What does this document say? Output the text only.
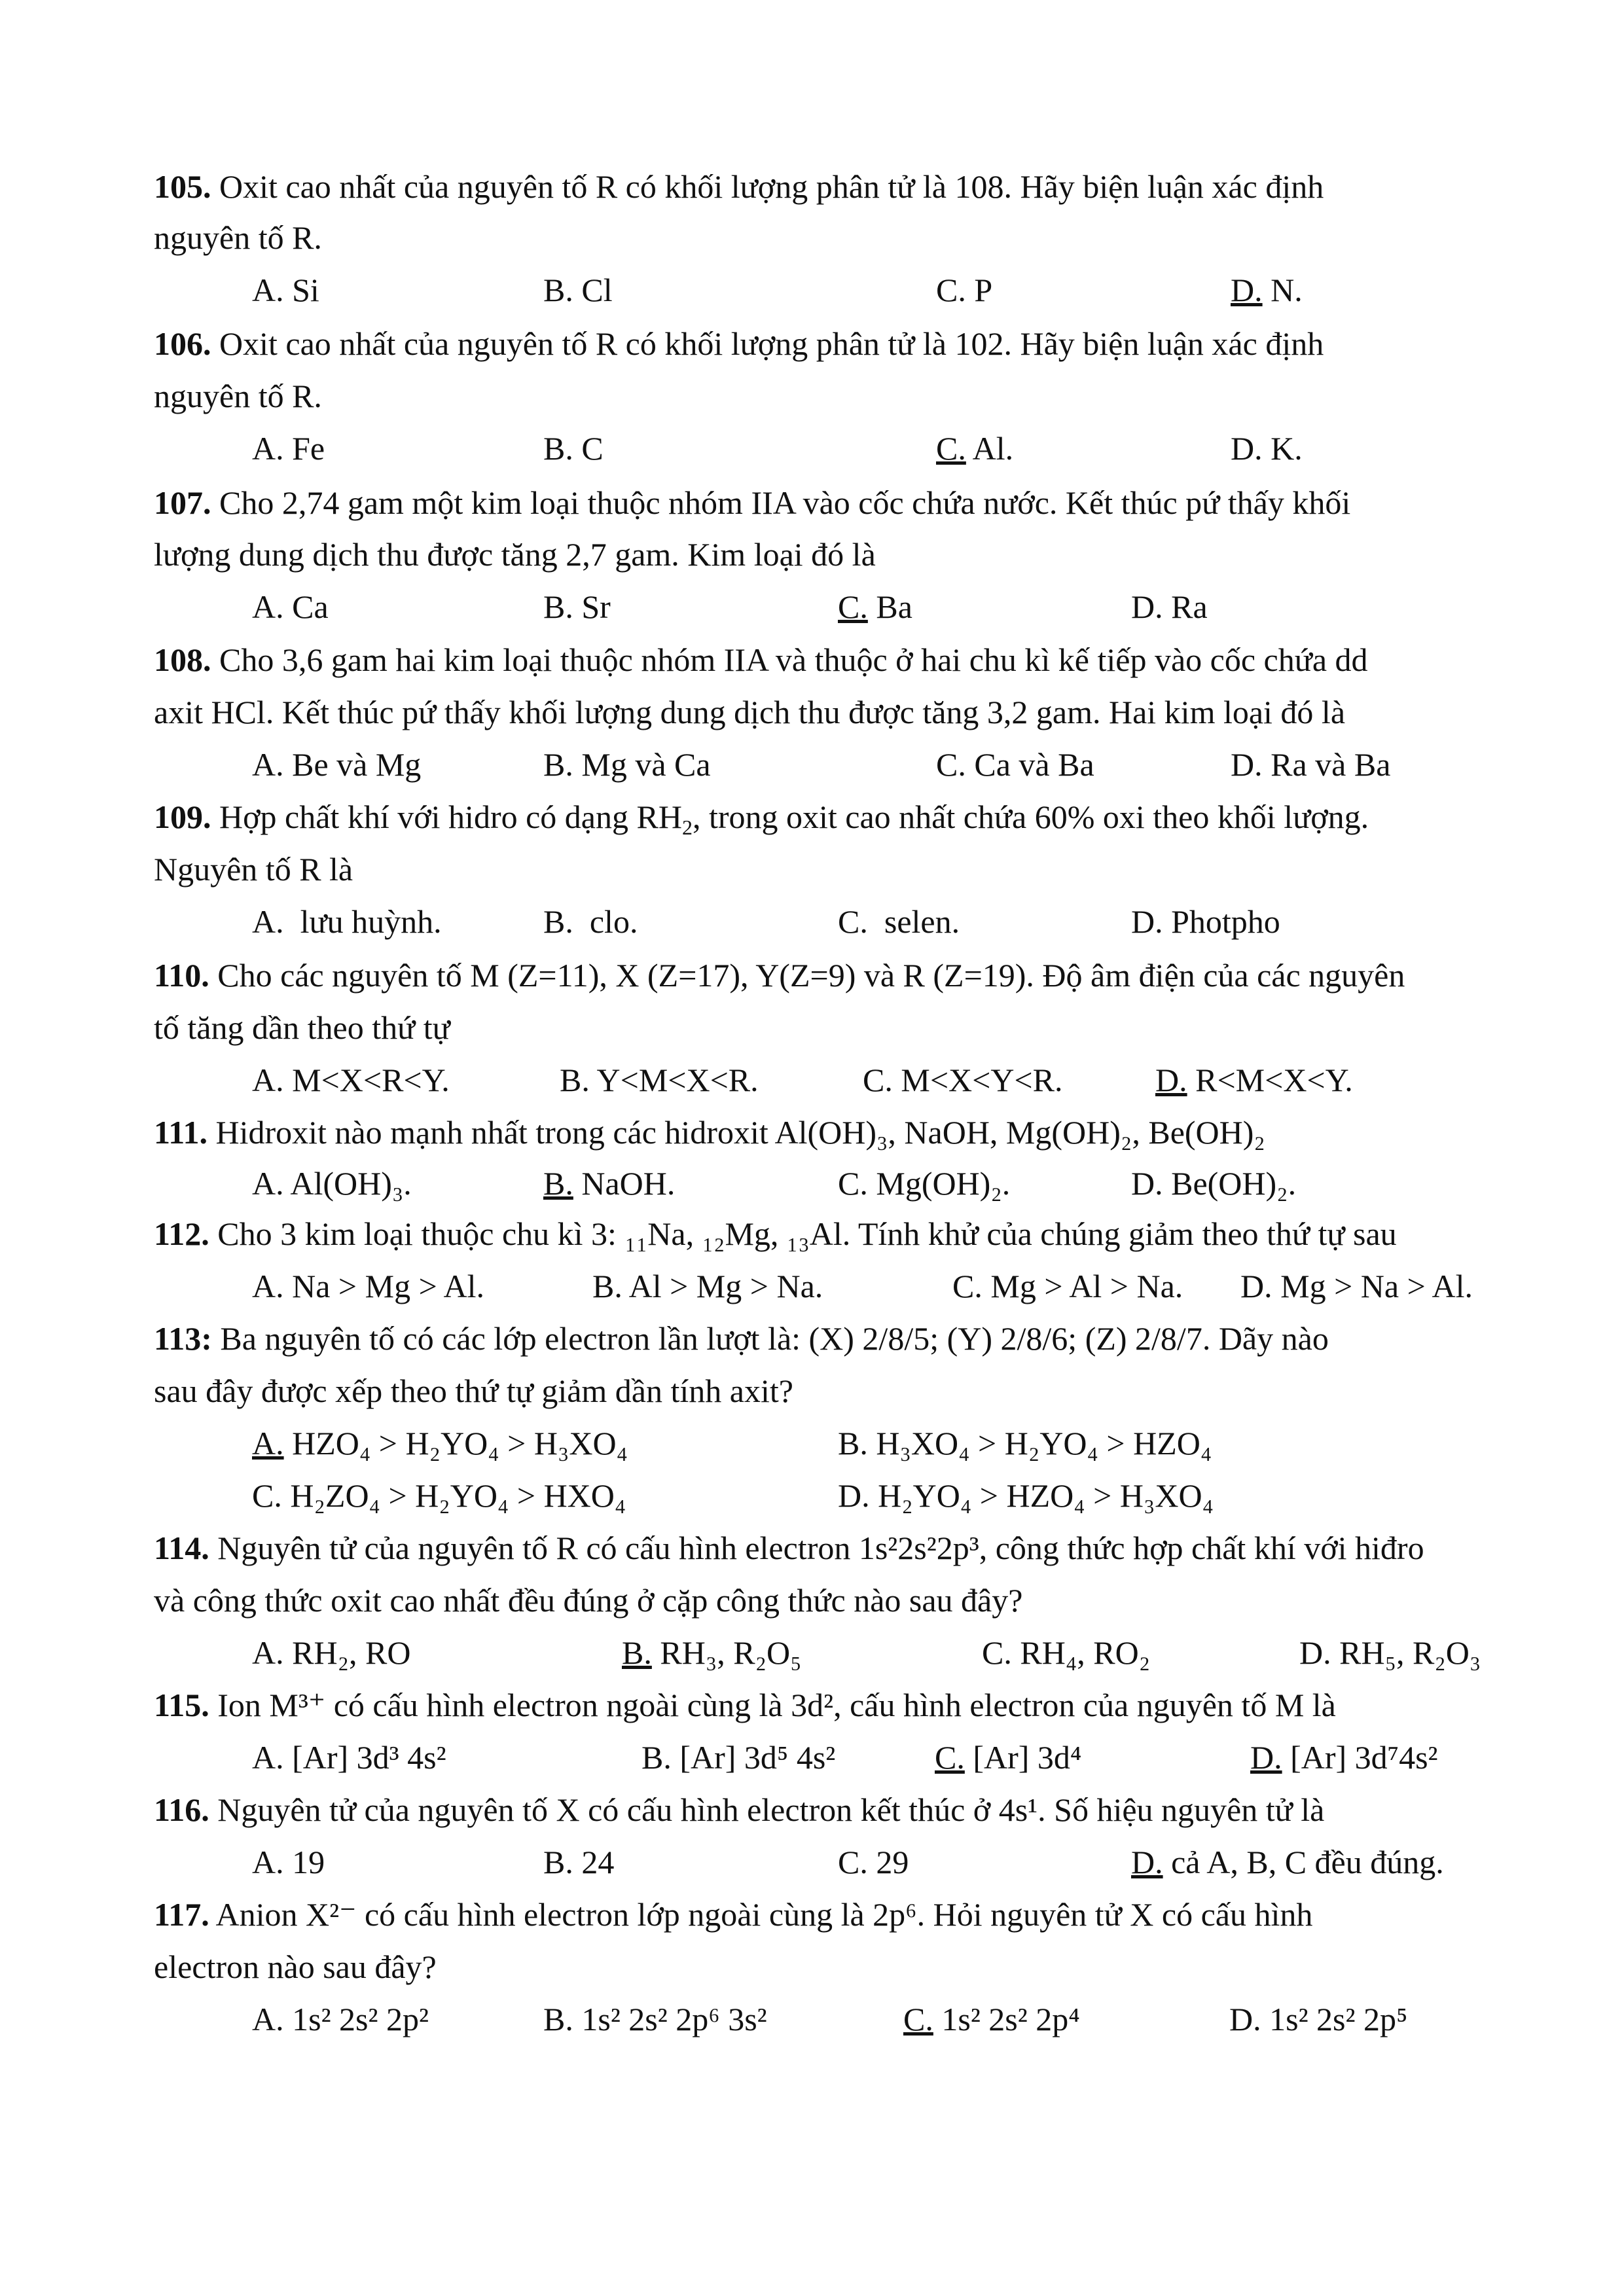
105. Oxit cao nhất của nguyên tố R có khối lượng phân tử là 108. Hãy biện luận xác định
nguyên tố R.
A. Si	B. Cl	C. P	D. N.
106. Oxit cao nhất của nguyên tố R có khối lượng phân tử là 102. Hãy biện luận xác định
nguyên tố R.
A. Fe	B. C	C. Al.	D. K.
107. Cho 2,74 gam một kim loại thuộc nhóm IIA vào cốc chứa nước. Kết thúc pứ thấy khối
lượng dung dịch thu được tăng 2,7 gam. Kim loại đó là
A. Ca	B. Sr	C. Ba	D. Ra
108. Cho 3,6 gam hai kim loại thuộc nhóm IIA và thuộc ở hai chu kì kế tiếp vào cốc chứa dd
axit HCl. Kết thúc pứ thấy khối lượng dung dịch thu được tăng 3,2 gam. Hai kim loại đó là
A. Be và Mg	B. Mg và Ca	C. Ca và Ba	D. Ra và Ba
109. Hợp chất khí với hidro có dạng $RH_2$, trong oxit cao nhất chứa 60% oxi theo khối lượng.
Nguyên tố R là
A. lưu huỳnh.	B. clo.	C. selen.	D. Photpho
110. Cho các nguyên tố M (Z=11), X (Z=17), Y(Z=9) và R (Z=19). Độ âm điện của các nguyên
tố tăng dần theo thứ tự
A. M<X<R<Y.	B. Y<M<X<R.	C. M<X<Y<R.	D. R<M<X<Y.
111. Hidroxit nào mạnh nhất trong các hidroxit Al(OH)₃, NaOH, Mg(OH)₂, Be(OH)₂
A. Al(OH)₃.	B. NaOH.	C. Mg(OH)₂.	D. Be(OH)₂.
112. Cho 3 kim loại thuộc chu kì 3: ₁₁Na, ₁₂Mg, ₁₃Al. Tính khử của chúng giảm theo thứ tự sau
A. Na > Mg > Al.	B. Al > Mg > Na.	C. Mg > Al > Na. D. Mg > Na > Al.
113: Ba nguyên tố có các lớp electron lần lượt là: (X) 2/8/5; (Y) 2/8/6; (Z) 2/8/7. Dãy nào
sau đây được xếp theo thứ tự giảm dần tính axit?
A. HZO₄ > H₂YO₄ > H₃XO₄	B. H₃XO₄ > H₂YO₄ > HZO₄
C. H₂ZO₄ > H₂YO₄ > HXO₄	D. H₂YO₄ > HZO₄ > H₃XO₄
114. Nguyên tử của nguyên tố R có cấu hình electron 1s²2s²2p³, công thức hợp chất khí với hiđro
và công thức oxit cao nhất đều đúng ở cặp công thức nào sau đây?
A. RH₂, RO	B. RH₃, R₂O₅	C. RH₄, RO₂	D. RH₅, R₂O₃
115. Ion M³⁺ có cấu hình electron ngoài cùng là 3d², cấu hình electron của nguyên tố M là
A. [Ar] 3d³ 4s²	B. [Ar] 3d⁵ 4s²	C. [Ar] 3d⁴	D. [Ar] 3d⁷4s²
116. Nguyên tử của nguyên tố X có cấu hình electron kết thúc ở 4s¹. Số hiệu nguyên tử là
A. 19	B. 24	C. 29	D. cả A, B, C đều đúng.
117. Anion X²⁻ có cấu hình electron lớp ngoài cùng là 2p⁶. Hỏi nguyên tử X có cấu hình
electron nào sau đây?
A. 1s² 2s² 2p²	B. 1s² 2s² 2p⁶ 3s²	C. 1s² 2s² 2p⁴	D. 1s² 2s² 2p⁵
